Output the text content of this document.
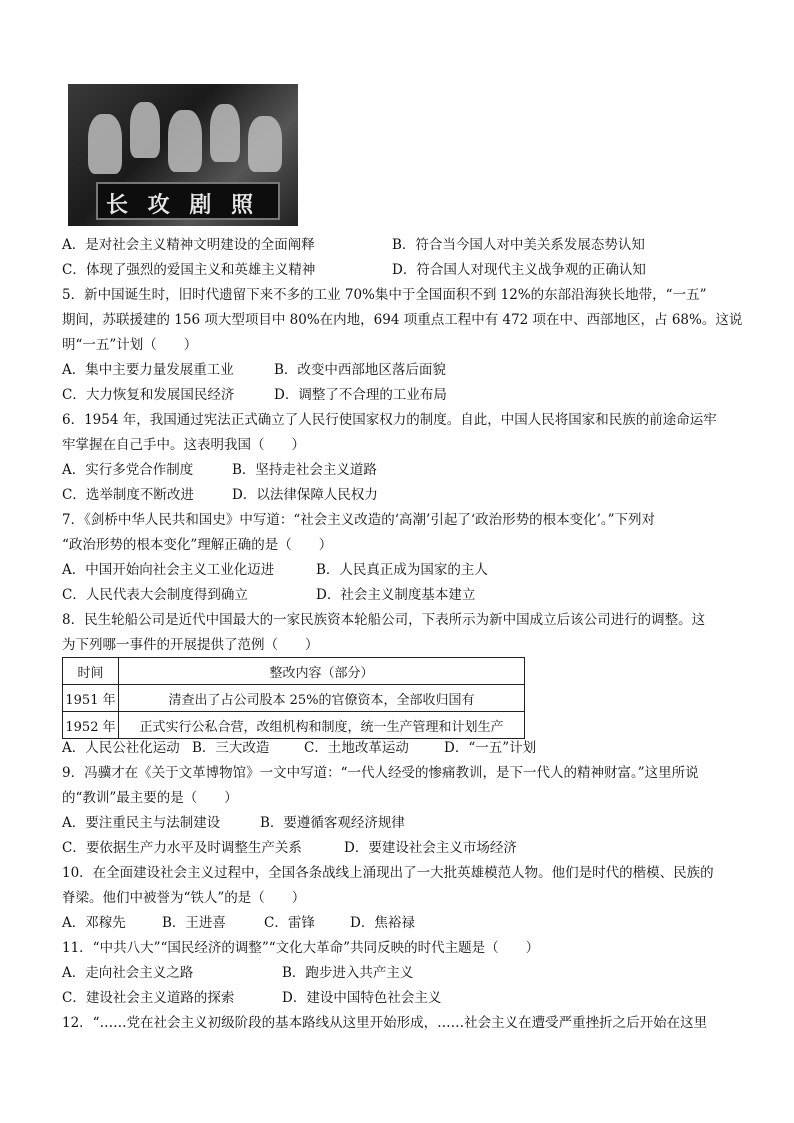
长 攻 剧 照
A．是对社会主义精神文明建设的全面阐释	B．符合当今国人对中美关系发展态势认知
C．体现了强烈的爱国主义和英雄主义精神	D．符合国人对现代主义战争观的正确认知
5．新中国诞生时，旧时代遗留下来不多的工业 70%集中于全国面积不到 12%的东部沿海狭长地带，“一五”
期间，苏联援建的 156 项大型项目中 80%在内地，694 项重点工程中有 472 项在中、西部地区，占 68%。这说
明“一五”计划（　　）
A．集中主要力量发展重工业	B．改变中西部地区落后面貌
C．大力恢复和发展国民经济	D．调整了不合理的工业布局
6．1954 年，我国通过宪法正式确立了人民行使国家权力的制度。自此，中国人民将国家和民族的前途命运牢
牢掌握在自己手中。这表明我国（　　）
A．实行多党合作制度	B．坚持走社会主义道路
C．选举制度不断改进	D．以法律保障人民权力
7．《剑桥中华人民共和国史》中写道：“社会主义改造的‘高潮’引起了‘政治形势的根本变化’。”下列对
“政治形势的根本变化”理解正确的是（　　）
A．中国开始向社会主义工业化迈进	B．人民真正成为国家的主人
C．人民代表大会制度得到确立	D．社会主义制度基本建立
8．民生轮船公司是近代中国最大的一家民族资本轮船公司，下表所示为新中国成立后该公司进行的调整。这
为下列哪一事件的开展提供了范例（　　）
时间	整改内容（部分）
1951 年	清查出了占公司股本 25%的官僚资本，全部收归国有
1952 年	正式实行公私合营，改组机构和制度，统一生产管理和计划生产
A．人民公社化运动 B．三大改造	C．土地改革运动	D．“一五”计划
9．冯骥才在《关于文革博物馆》一文中写道：“一代人经受的惨痛教训，是下一代人的精神财富。”这里所说
的“教训”最主要的是（　　）
A．要注重民主与法制建设	B．要遵循客观经济规律
C．要依据生产力水平及时调整生产关系	D．要建设社会主义市场经济
10．在全面建设社会主义过程中，全国各条战线上涌现出了一大批英雄模范人物。他们是时代的楷模、民族的
脊梁。他们中被誉为“铁人”的是（　　）
A．邓稼先	B．王进喜	C．雷锋	D．焦裕禄
11．“中共八大”“国民经济的调整”“文化大革命”共同反映的时代主题是（　　）
A．走向社会主义之路	B．跑步进入共产主义
C．建设社会主义道路的探索	D．建设中国特色社会主义
12．“……党在社会主义初级阶段的基本路线从这里开始形成，……社会主义在遭受严重挫折之后开始在这里
